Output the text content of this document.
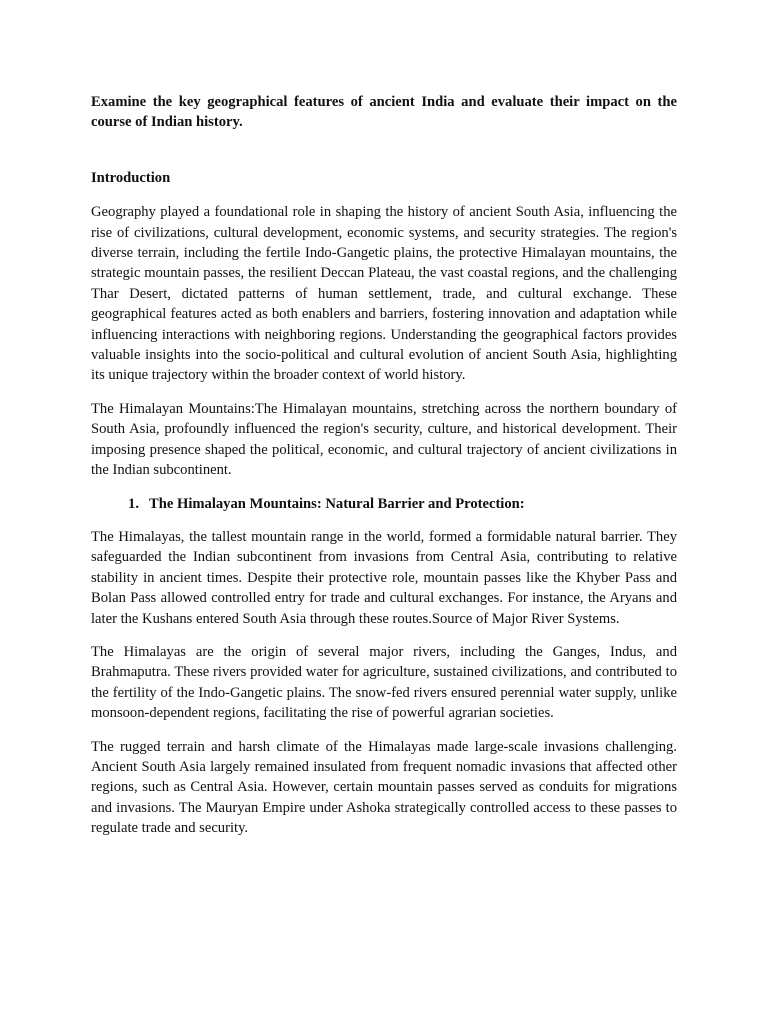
Examine the key geographical features of ancient India and evaluate their impact on the course of Indian history.

Introduction

Geography played a foundational role in shaping the history of ancient South Asia, influencing the rise of civilizations, cultural development, economic systems, and security strategies. The region's diverse terrain, including the fertile Indo-Gangetic plains, the protective Himalayan mountains, the strategic mountain passes, the resilient Deccan Plateau, the vast coastal regions, and the challenging Thar Desert, dictated patterns of human settlement, trade, and cultural exchange. These geographical features acted as both enablers and barriers, fostering innovation and adaptation while influencing interactions with neighboring regions. Understanding the geographical factors provides valuable insights into the socio-political and cultural evolution of ancient South Asia, highlighting its unique trajectory within the broader context of world history.

The Himalayan Mountains:The Himalayan mountains, stretching across the northern boundary of South Asia, profoundly influenced the region's security, culture, and historical development. Their imposing presence shaped the political, economic, and cultural trajectory of ancient civilizations in the Indian subcontinent.

1. The Himalayan Mountains: Natural Barrier and Protection:

The Himalayas, the tallest mountain range in the world, formed a formidable natural barrier. They safeguarded the Indian subcontinent from invasions from Central Asia, contributing to relative stability in ancient times. Despite their protective role, mountain passes like the Khyber Pass and Bolan Pass allowed controlled entry for trade and cultural exchanges. For instance, the Aryans and later the Kushans entered South Asia through these routes.Source of Major River Systems.

The Himalayas are the origin of several major rivers, including the Ganges, Indus, and Brahmaputra. These rivers provided water for agriculture, sustained civilizations, and contributed to the fertility of the Indo-Gangetic plains. The snow-fed rivers ensured perennial water supply, unlike monsoon-dependent regions, facilitating the rise of powerful agrarian societies.

The rugged terrain and harsh climate of the Himalayas made large-scale invasions challenging. Ancient South Asia largely remained insulated from frequent nomadic invasions that affected other regions, such as Central Asia. However, certain mountain passes served as conduits for migrations and invasions. The Mauryan Empire under Ashoka strategically controlled access to these passes to regulate trade and security.
